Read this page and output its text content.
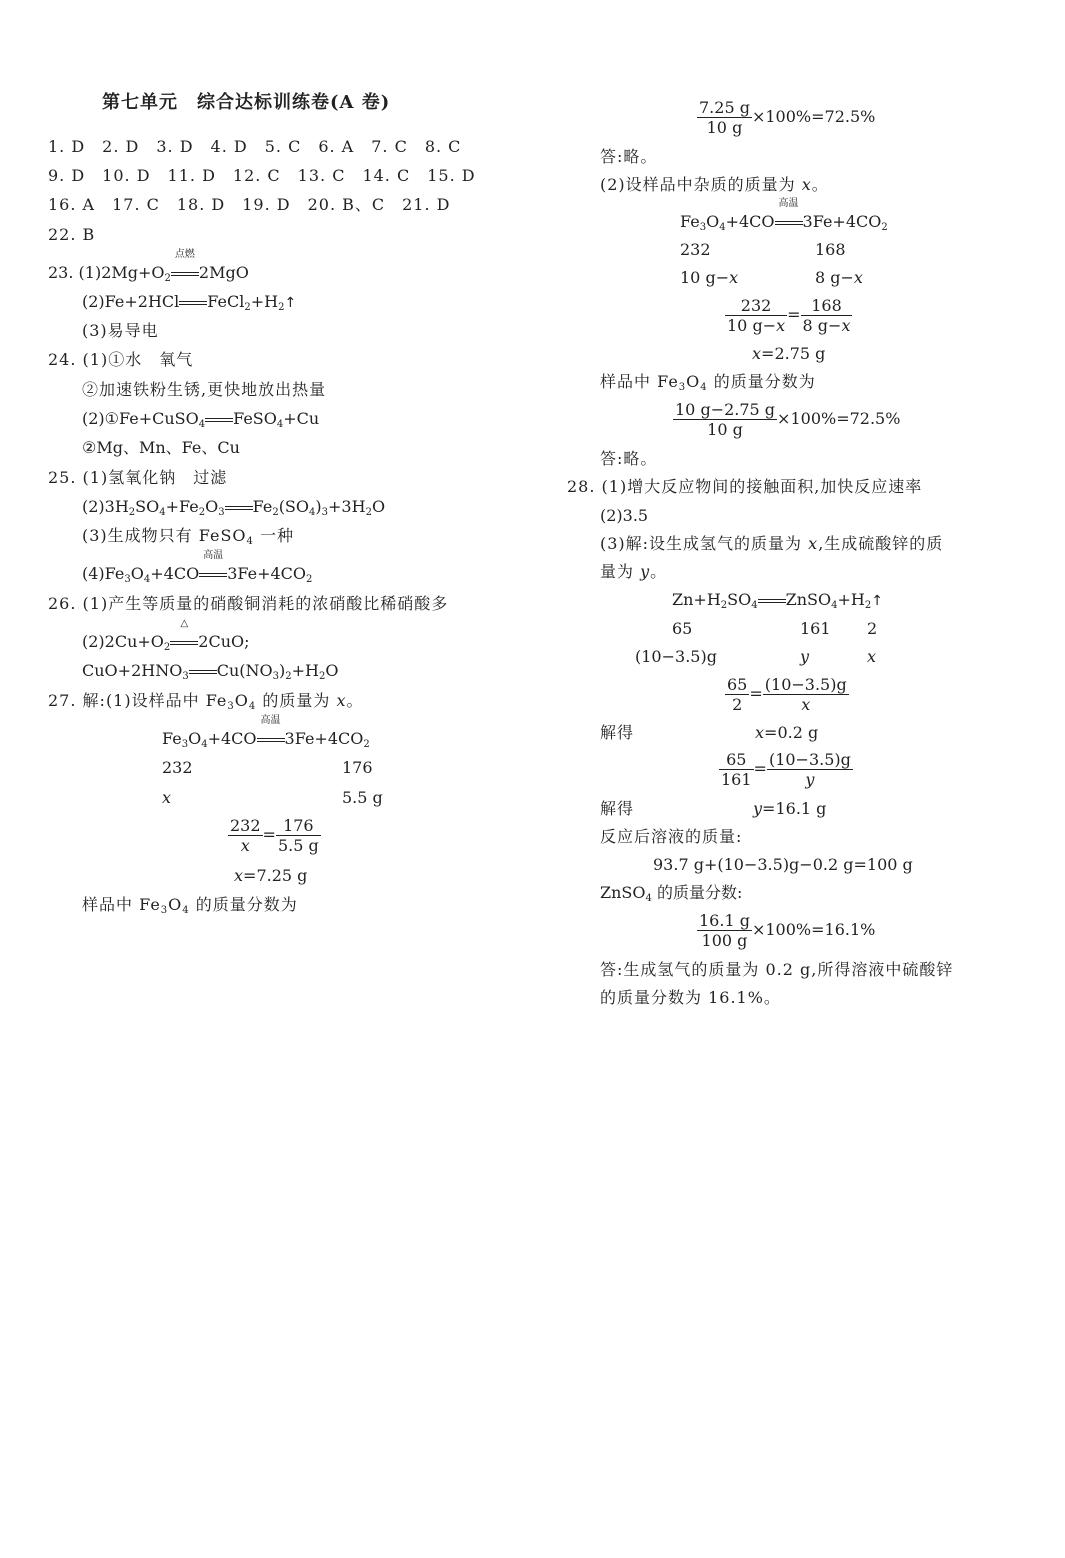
第七单元　综合达标训练卷(A 卷)
1. D　2. D　3. D　4. D　5. C　6. A　7. C　8. C
9. D　10. D　11. D　12. C　13. C　14. C　15. D
16. A　17. C　18. D　19. D　20. B、C　21. D
22. B
23. $(1)2Mg+O_2$
点燃
2MgO
(2)Fe+2HCl $FeCl_2+H_2↑$
(3)易导电
24. (1)①水　氧气
②加速铁粉生锈,更快地放出热量
(2)①Fe+CuSO$_4$ FeSO$_4$+Cu
②Mg、Mn、Fe、Cu
25. (1)氢氧化钠　过滤
$(2)3H_2SO_4+Fe_2O_3$ $Fe_2(SO_4)_3+3H_2O$
(3)生成物只有 FeSO$_4$ 一种
$(4)Fe_3O_4+4CO$
高温
$3Fe+4CO_2$
26. (1)产生等质量的硝酸铜消耗的浓硝酸比稀硝酸多
$(2)2Cu+O_2$
△
2CuO;
$CuO+2HNO_3$ $Cu(NO_3)_2+H_2O$
27. 解:(1)设样品中 $Fe_3O_4$ 的质量为 x。
$Fe_3O_4+4CO$
高温
$3Fe+4CO_2$
232	176
x	5.5 g
$\frac{232}{x} = \frac{176}{5.5 g}$
x=7.25 g
样品中 $Fe_3O_4$ 的质量分数为
$\frac{7.25 g}{10 g} \times 100\%=72.5\%$
答:略。
(2)设样品中杂质的质量为 x。
$Fe_3O_4+4CO$
高温
$3Fe+4CO_2$
232	168
10 g−x	8 g−x
$\frac{232}{10 g-x} = \frac{168}{8 g-x}$
x=2.75 g
样品中 $Fe_3O_4$ 的质量分数为
$\frac{10 g-2.75 g}{10 g} \times 100\%=72.5\%$
答:略。
28. (1)增大反应物间的接触面积,加快反应速率
(2)3.5
(3)解:设生成氢气的质量为 x,生成硫酸锌的质
量为 y。
$Zn+H_2SO_4$ $ZnSO_4+H_2↑$
65	161 2
(10−3.5)g	y	x
$\frac{65}{2} = \frac{(10-3.5)g}{x}$
解得	x=0.2 g
$\frac{65}{161} = \frac{(10-3.5)g}{y}$
解得	y=16.1 g
反应后溶液的质量:
93.7 g+(10−3.5)g−0.2 g=100 g
ZnSO$_4$ 的质量分数:
$\frac{16.1 g}{100 g} \times 100\%=16.1\%$
答:生成氢气的质量为 0.2 g,所得溶液中硫酸锌
的质量分数为 16.1%。
